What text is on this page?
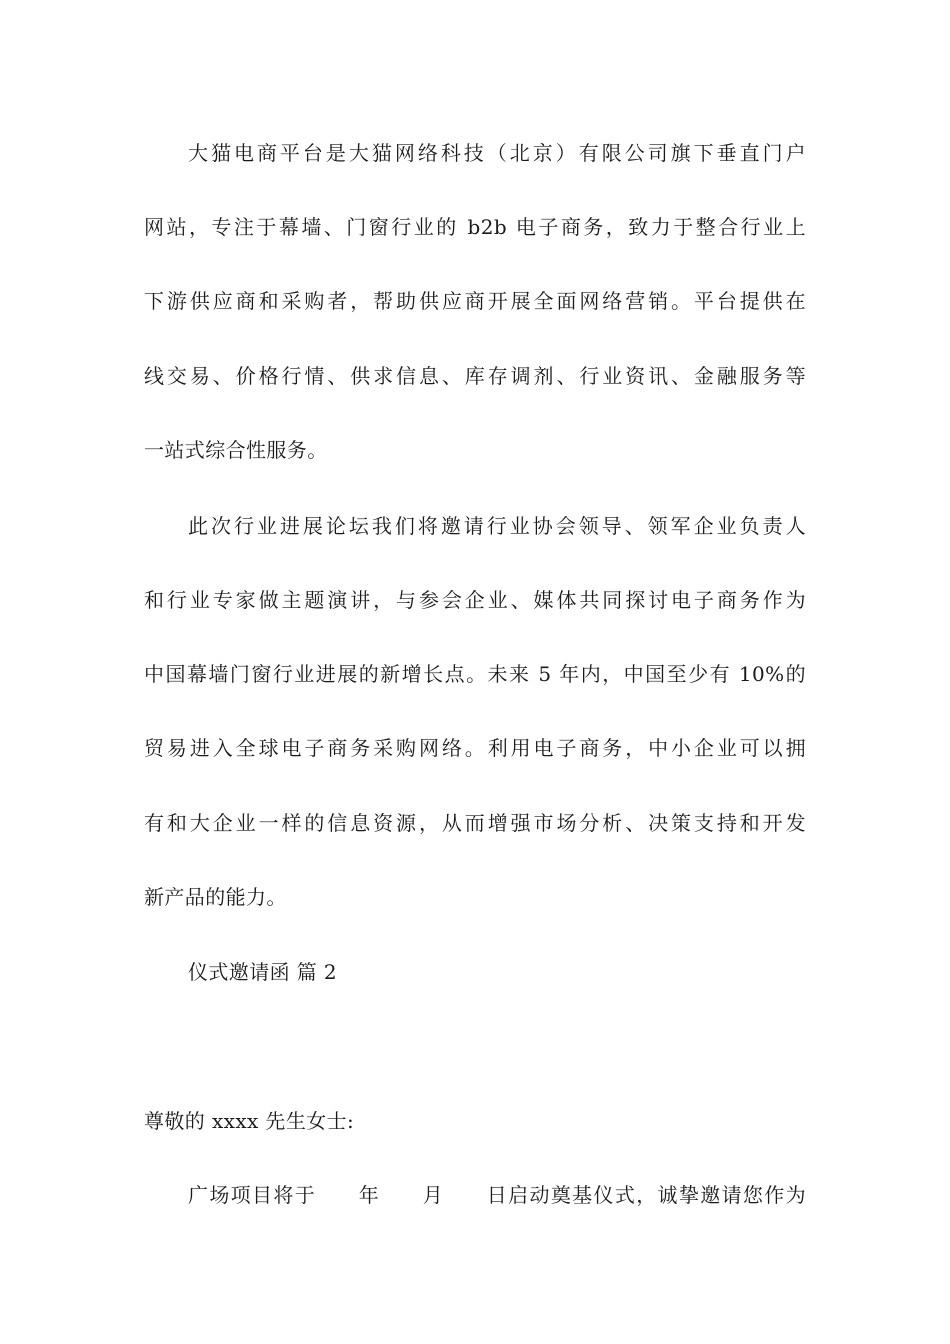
大猫电商平台是大猫网络科技（北京）有限公司旗下垂直门户
网站，专注于幕墙、门窗行业的 b2b 电子商务，致力于整合行业上
下游供应商和采购者，帮助供应商开展全面网络营销。平台提供在
线交易、价格行情、供求信息、库存调剂、行业资讯、金融服务等
一站式综合性服务。
此次行业进展论坛我们将邀请行业协会领导、领军企业负责人
和行业专家做主题演讲，与参会企业、媒体共同探讨电子商务作为
中国幕墙门窗行业进展的新增长点。未来 5 年内，中国至少有 10%的
贸易进入全球电子商务采购网络。利用电子商务，中小企业可以拥
有和大企业一样的信息资源，从而增强市场分析、决策支持和开发
新产品的能力。
仪式邀请函 篇 2
尊敬的 xxxx 先生女士:
广场项目将于　　年　　月　　日启动奠基仪式，诚挚邀请您作为
